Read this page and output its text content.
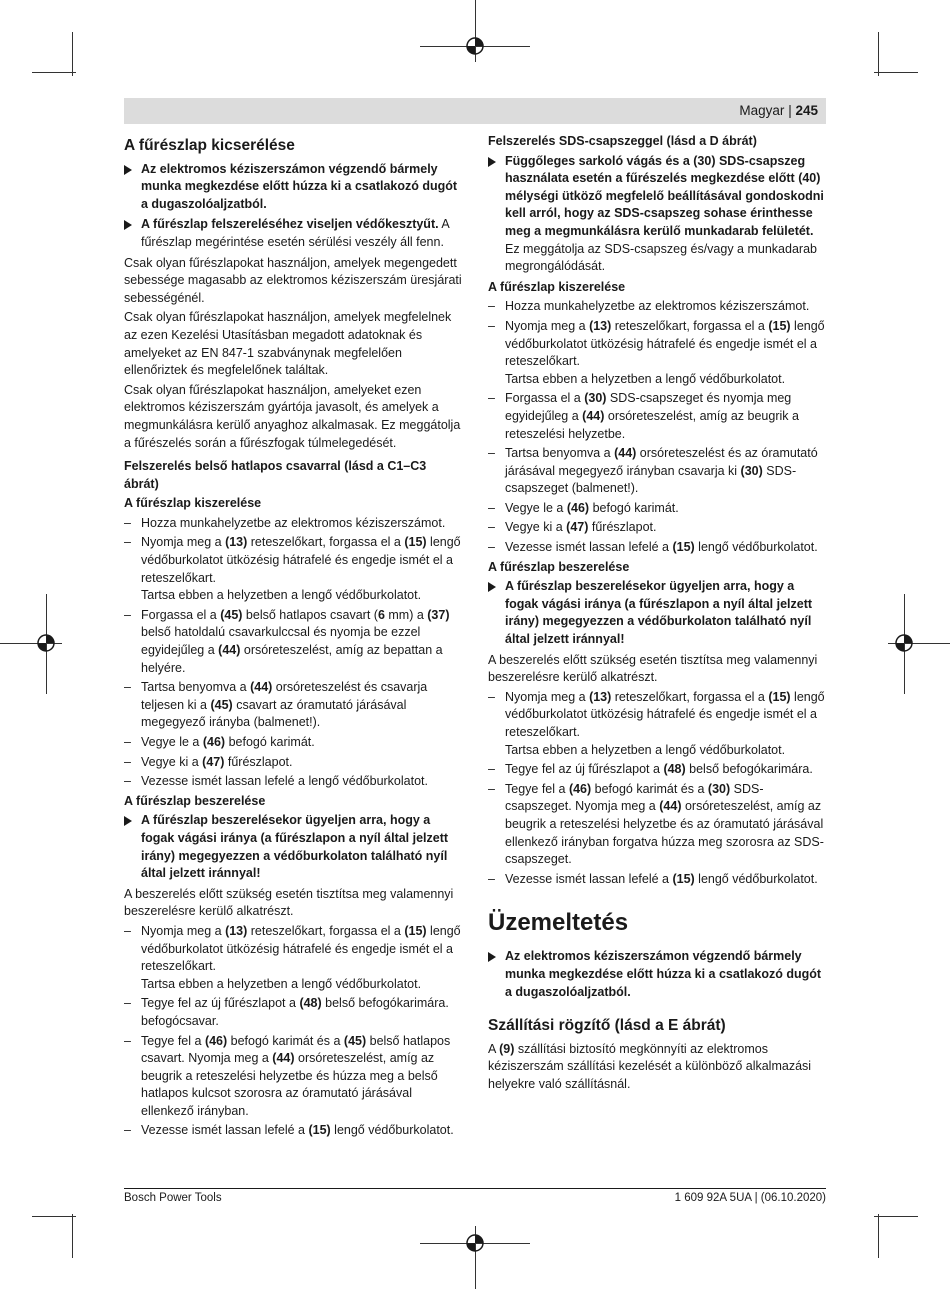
Magyar | 245
A fűrészlap kicserélése
Az elektromos kéziszerszámon végzendő bármely munka megkezdése előtt húzza ki a csatlakozó dugót a dugaszolóaljzatból.
A fűrészlap felszereléséhez viseljen védőkesztyűt. A fűrészlap megérintése esetén sérülési veszély áll fenn.
Csak olyan fűrészlapokat használjon, amelyek megengedett sebessége magasabb az elektromos kéziszerszám üresjárati sebességénél.
Csak olyan fűrészlapokat használjon, amelyek megfelelnek az ezen Kezelési Utasításban megadott adatoknak és amelyeket az EN 847‑1 szabványnak megfelelően ellenőriztek és megfelelőnek találtak.
Csak olyan fűrészlapokat használjon, amelyeket ezen elektromos kéziszerszám gyártója javasolt, és amelyek a megmunkálásra kerülő anyaghoz alkalmasak. Ez meggátolja a fűrészelés során a fűrészfogak túlmelegedését.
Felszerelés belső hatlapos csavarral (lásd a C1–C3 ábrát)
A fűrészlap kiszerelése
– Hozza munkahelyzetbe az elektromos kéziszerszámot.
– Nyomja meg a (13) reteszelőkart, forgassa el a (15) lengő védőburkolatot ütközésig hátrafelé és engedje ismét el a reteszelőkart.
Tartsa ebben a helyzetben a lengő védőburkolatot.
– Forgassa el a (45) belső hatlapos csavart (6 mm) a (37) belső hatoldalú csavarkulccsal és nyomja be ezzel egyidejűleg a (44) orsóreteszelést, amíg az bepattan a helyére.
– Tartsa benyomva a (44) orsóreteszelést és csavarja teljesen ki a (45) csavart az óramutató járásával megegyező irányba (balmenet!).
– Vegye le a (46) befogó karimát.
– Vegye ki a (47) fűrészlapot.
– Vezesse ismét lassan lefelé a lengő védőburkolatot.
A fűrészlap beszerelése
A fűrészlap beszerelésekor ügyeljen arra, hogy a fogak vágási iránya (a fűrészlapon a nyíl által jelzett irány) megegyezzen a védőburkolaton található nyíl által jelzett iránnyal!
A beszerelés előtt szükség esetén tisztítsa meg valamennyi beszerelésre kerülő alkatrészt.
– Nyomja meg a (13) reteszelőkart, forgassa el a (15) lengő védőburkolatot ütközésig hátrafelé és engedje ismét el a reteszelőkart.
Tartsa ebben a helyzetben a lengő védőburkolatot.
– Tegye fel az új fűrészlapot a (48) belső befogókarimára. befogócsavar.
– Tegye fel a (46) befogó karimát és a (45) belső hatlapos csavart. Nyomja meg a (44) orsóreteszelést, amíg az beugrik a reteszelési helyzetbe és húzza meg a belső hatlapos kulcsot szorosra az óramutató járásával ellenkező irányban.
– Vezesse ismét lassan lefelé a (15) lengő védőburkolatot.
Felszerelés SDS-csapszeggel (lásd a D ábrát)
Függőleges sarkoló vágás és a (30) SDS-csapszeg használata esetén a fűrészelés megkezdése előtt (40) mélységi ütköző megfelelő beállításával gondoskodni kell arról, hogy az SDS-csapszeg sohase érinthesse meg a megmunkálásra kerülő munkadarab felületét.
Ez meggátolja az SDS-csapszeg és/vagy a munkadarab megrongálódását.
A fűrészlap kiszerelése
– Hozza munkahelyzetbe az elektromos kéziszerszámot.
– Nyomja meg a (13) reteszelőkart, forgassa el a (15) lengő védőburkolatot ütközésig hátrafelé és engedje ismét el a reteszelőkart.
Tartsa ebben a helyzetben a lengő védőburkolatot.
– Forgassa el a (30) SDS-csapszeget és nyomja meg egyidejűleg a (44) orsóreteszelést, amíg az beugrik a reteszelési helyzetbe.
– Tartsa benyomva a (44) orsóreteszelést és az óramutató járásával megegyező irányban csavarja ki (30) SDS-csapszeget (balmenet!).
– Vegye le a (46) befogó karimát.
– Vegye ki a (47) fűrészlapot.
– Vezesse ismét lassan lefelé a (15) lengő védőburkolatot.
A fűrészlap beszerelése
A fűrészlap beszerelésekor ügyeljen arra, hogy a fogak vágási iránya (a fűrészlapon a nyíl által jelzett irány) megegyezzen a védőburkolaton található nyíl által jelzett iránnyal!
A beszerelés előtt szükség esetén tisztítsa meg valamennyi beszerelésre kerülő alkatrészt.
– Nyomja meg a (13) reteszelőkart, forgassa el a (15) lengő védőburkolatot ütközésig hátrafelé és engedje ismét el a reteszelőkart.
Tartsa ebben a helyzetben a lengő védőburkolatot.
– Tegye fel az új fűrészlapot a (48) belső befogókarimára.
– Tegye fel a (46) befogó karimát és a (30) SDS-csapszeget. Nyomja meg a (44) orsóreteszelést, amíg az beugrik a reteszelési helyzetbe és az óramutató járásával ellenkező irányban forgatva húzza meg szorosra az SDS-csapszeget.
– Vezesse ismét lassan lefelé a (15) lengő védőburkolatot.
Üzemeltetés
Az elektromos kéziszerszámon végzendő bármely munka megkezdése előtt húzza ki a csatlakozó dugót a dugaszolóaljzatból.
Szállítási rögzítő (lásd a E ábrát)
A (9) szállítási biztosító megkönnyíti az elektromos kéziszerszám szállítási kezelését a különböző alkalmazási helyekre való szállításnál.
Bosch Power Tools	1 609 92A 5UA | (06.10.2020)
